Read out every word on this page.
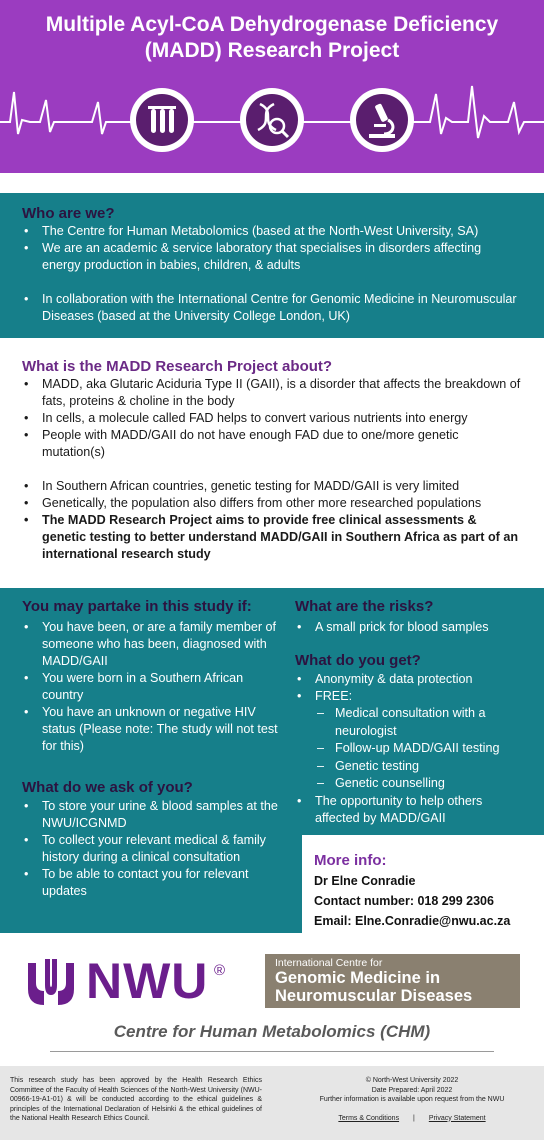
Multiple Acyl-CoA Dehydrogenase Deficiency
(MADD) Research Project
Who are we?
• The Centre for Human Metabolomics (based at the North-West University, SA)
• We are an academic & service laboratory that specialises in disorders affecting energy production in babies, children, & adults
• In collaboration with the International Centre for Genomic Medicine in Neuromuscular Diseases (based at the University College London, UK)
What is the MADD Research Project about?
• MADD, aka Glutaric Aciduria Type II (GAII), is a disorder that affects the breakdown of fats, proteins & choline in the body
• In cells, a molecule called FAD helps to convert various nutrients into energy
• People with MADD/GAII do not have enough FAD due to one/more genetic mutation(s)
• In Southern African countries, genetic testing for MADD/GAII is very limited
• Genetically, the population also differs from other more researched populations
• The MADD Research Project aims to provide free clinical assessments & genetic testing to better understand MADD/GAII in Southern Africa as part of an international research study
You may partake in this study if:
• You have been, or are a family member of someone who has been, diagnosed with MADD/GAII
• You were born in a Southern African country
• You have an unknown or negative HIV status (Please note: The study will not test for this)
What do we ask of you?
• To store your urine & blood samples at the NWU/ICGNMD
• To collect your relevant medical & family history during a clinical consultation
• To be able to contact you for relevant updates
What are the risks?
• A small prick for blood samples
What do you get?
• Anonymity & data protection
• FREE:
– Medical consultation with a neurologist
– Follow-up MADD/GAII testing
– Genetic testing
– Genetic counselling
• The opportunity to help others affected by MADD/GAII
More info:
Dr Elne Conradie
Contact number: 018 299 2306
Email: Elne.Conradie@nwu.ac.za
NWU ®	International Centre for
Genomic Medicine in
Neuromuscular Diseases
Centre for Human Metabolomics (CHM)
This research study has been approved by the Health Research Ethics Committee of the Faculty of Health Sciences of the North-West University (NWU-00966-19-A1-01) & will be conducted according to the ethical guidelines & principles of the International Declaration of Helsinki & the ethical guidelines of the National Health Research Ethics Council.
© North-West University 2022
Date Prepared: April 2022
Further information is available upon request from the NWU
Terms & Conditions | Privacy Statement
